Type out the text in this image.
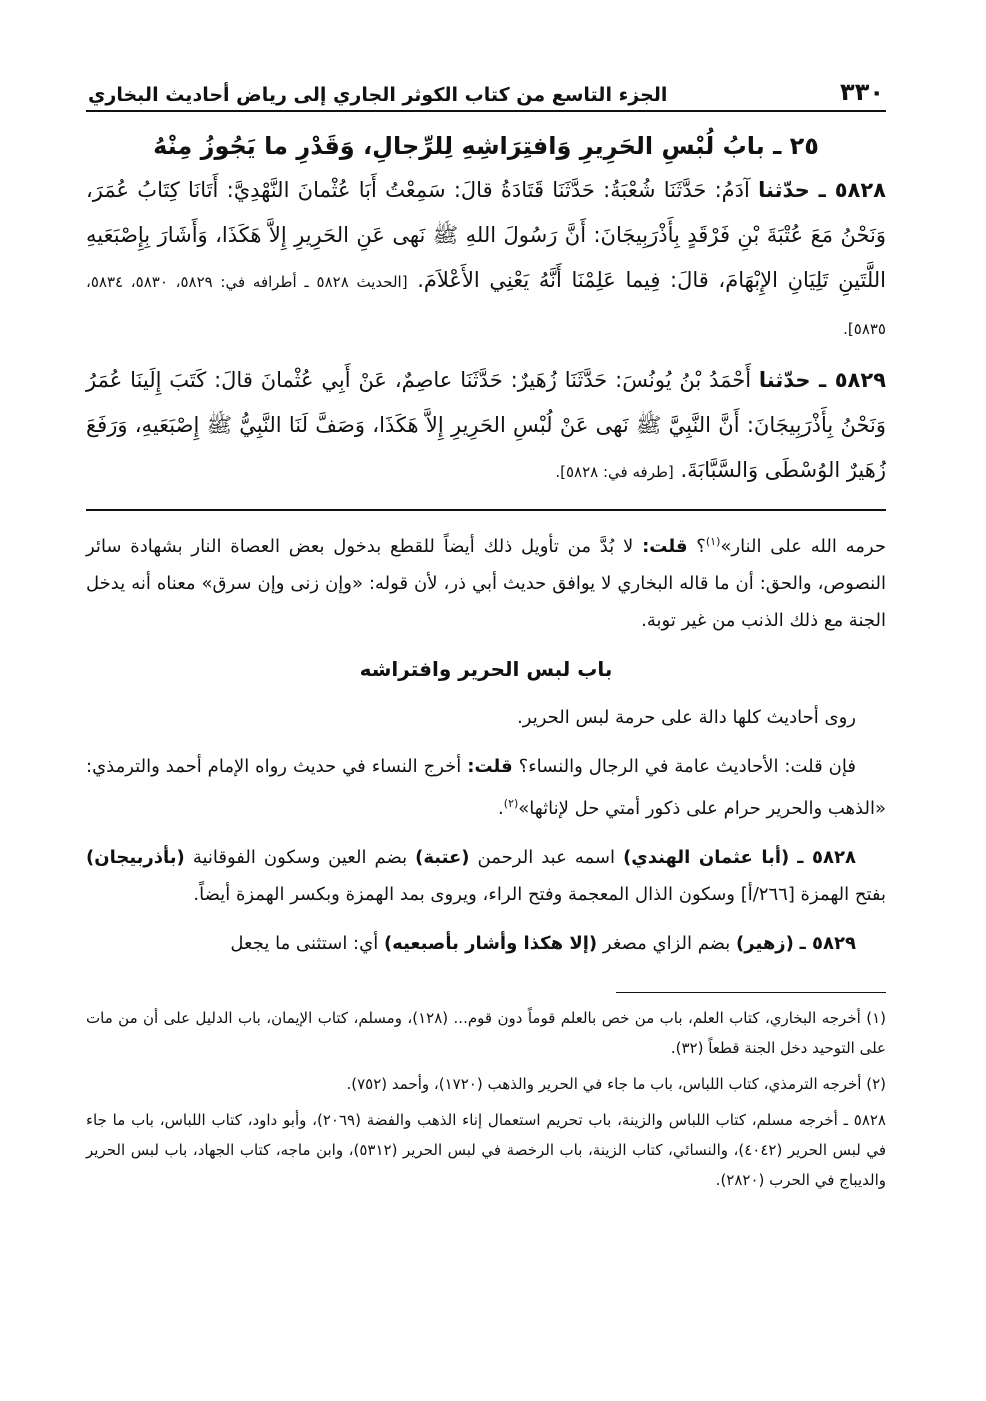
٣٣٠
الجزء التاسع من كتاب الكوثر الجاري إلى رياض أحاديث البخاري
٢٥ ـ بابُ لُبْسِ الحَرِيرِ وَافتِرَاشِهِ لِلرِّجالِ، وَقَدْرِ ما يَجُوزُ مِنْهُ

٥٨٢٨ ـ حدّثنا آدَمُ: حَدَّثَنَا شُعْبَةُ: حَدَّثَنَا قَتَادَةُ قالَ: سَمِعْتُ أَبَا عُثْمانَ النَّهْدِيَّ: أَتَانَا كِتَابُ عُمَرَ، وَنَحْنُ مَعَ عُتْبَةَ بْنِ فَرْقَدٍ بِأَذْرَبِيجَانَ: أَنَّ رَسُولَ اللهِ ﷺ نَهى عَنِ الحَرِيرِ إِلاَّ هَكَذَا، وَأَشَارَ بِإِصْبَعَيهِ اللَّتَينِ تَلِيَانِ الإِبْهَامَ، قالَ: فِيما عَلِمْنَا أَنَّهُ يَعْنِي الأَعْلاَمَ. [الحديث ٥٨٢٨ ـ أطرافه في: ٥٨٢٩، ٥٨٣٠، ٥٨٣٤، ٥٨٣٥].

٥٨٢٩ ـ حدّثنا أَحْمَدُ بْنُ يُونُسَ: حَدَّثَنَا زُهَيرٌ: حَدَّثَنَا عاصِمٌ، عَنْ أَبِي عُثْمانَ قالَ: كَتَبَ إِلَينَا عُمَرُ وَنَحْنُ بِأَذْرَبِيجَانَ: أَنَّ النَّبِيَّ ﷺ نَهى عَنْ لُبْسِ الحَرِيرِ إِلاَّ هَكَذَا، وَصَفَّ لَنَا النَّبِيُّ ﷺ إِصْبَعَيهِ، وَرَفَعَ زُهَيرٌ الوُسْطَى وَالسَّبَّابَةَ. [طرفه في: ٥٨٢٨].

حرمه الله على النار»$^{(١)}$؟ قلت: لا بُدَّ من تأويل ذلك أيضاً للقطع بدخول بعض العصاة النار بشهادة سائر النصوص، والحق: أن ما قاله البخاري لا يوافق حديث أبي ذر، لأن قوله: «وإن زنى وإن سرق» معناه أنه يدخل الجنة مع ذلك الذنب من غير توبة.

باب لبس الحرير وافتراشه

روى أحاديث كلها دالة على حرمة لبس الحرير.

فإن قلت: الأحاديث عامة في الرجال والنساء؟ قلت: أخرج النساء في حديث رواه الإمام أحمد والترمذي: «الذهب والحرير حرام على ذكور أمتي حل لإناثها»$^{(٢)}$.

٥٨٢٨ ـ (أبا عثمان الهندي) اسمه عبد الرحمن (عتبة) بضم العين وسكون الفوقانية (بأذربيجان) بفتح الهمزة [٢٦٦/أ] وسكون الذال المعجمة وفتح الراء، ويروى بمد الهمزة وبكسر الهمزة أيضاً.

٥٨٢٩ ـ (زهير) بضم الزاي مصغر (إلا هكذا وأشار بأصبعيه) أي: استثنى ما يجعل

(١) أخرجه البخاري، كتاب العلم، باب من خص بالعلم قوماً دون قوم... (١٢٨)، ومسلم، كتاب الإيمان، باب الدليل على أن من مات على التوحيد دخل الجنة قطعاً (٣٢).

(٢) أخرجه الترمذي، كتاب اللباس، باب ما جاء في الحرير والذهب (١٧٢٠)، وأحمد (٧٥٢).

٥٨٢٨ ـ أخرجه مسلم، كتاب اللباس والزينة، باب تحريم استعمال إناء الذهب والفضة (٢٠٦٩)، وأبو داود، كتاب اللباس، باب ما جاء في لبس الحرير (٤٠٤٢)، والنسائي، كتاب الزينة، باب الرخصة في لبس الحرير (٥٣١٢)، وابن ماجه، كتاب الجهاد، باب لبس الحرير والديباج في الحرب (٢٨٢٠).
